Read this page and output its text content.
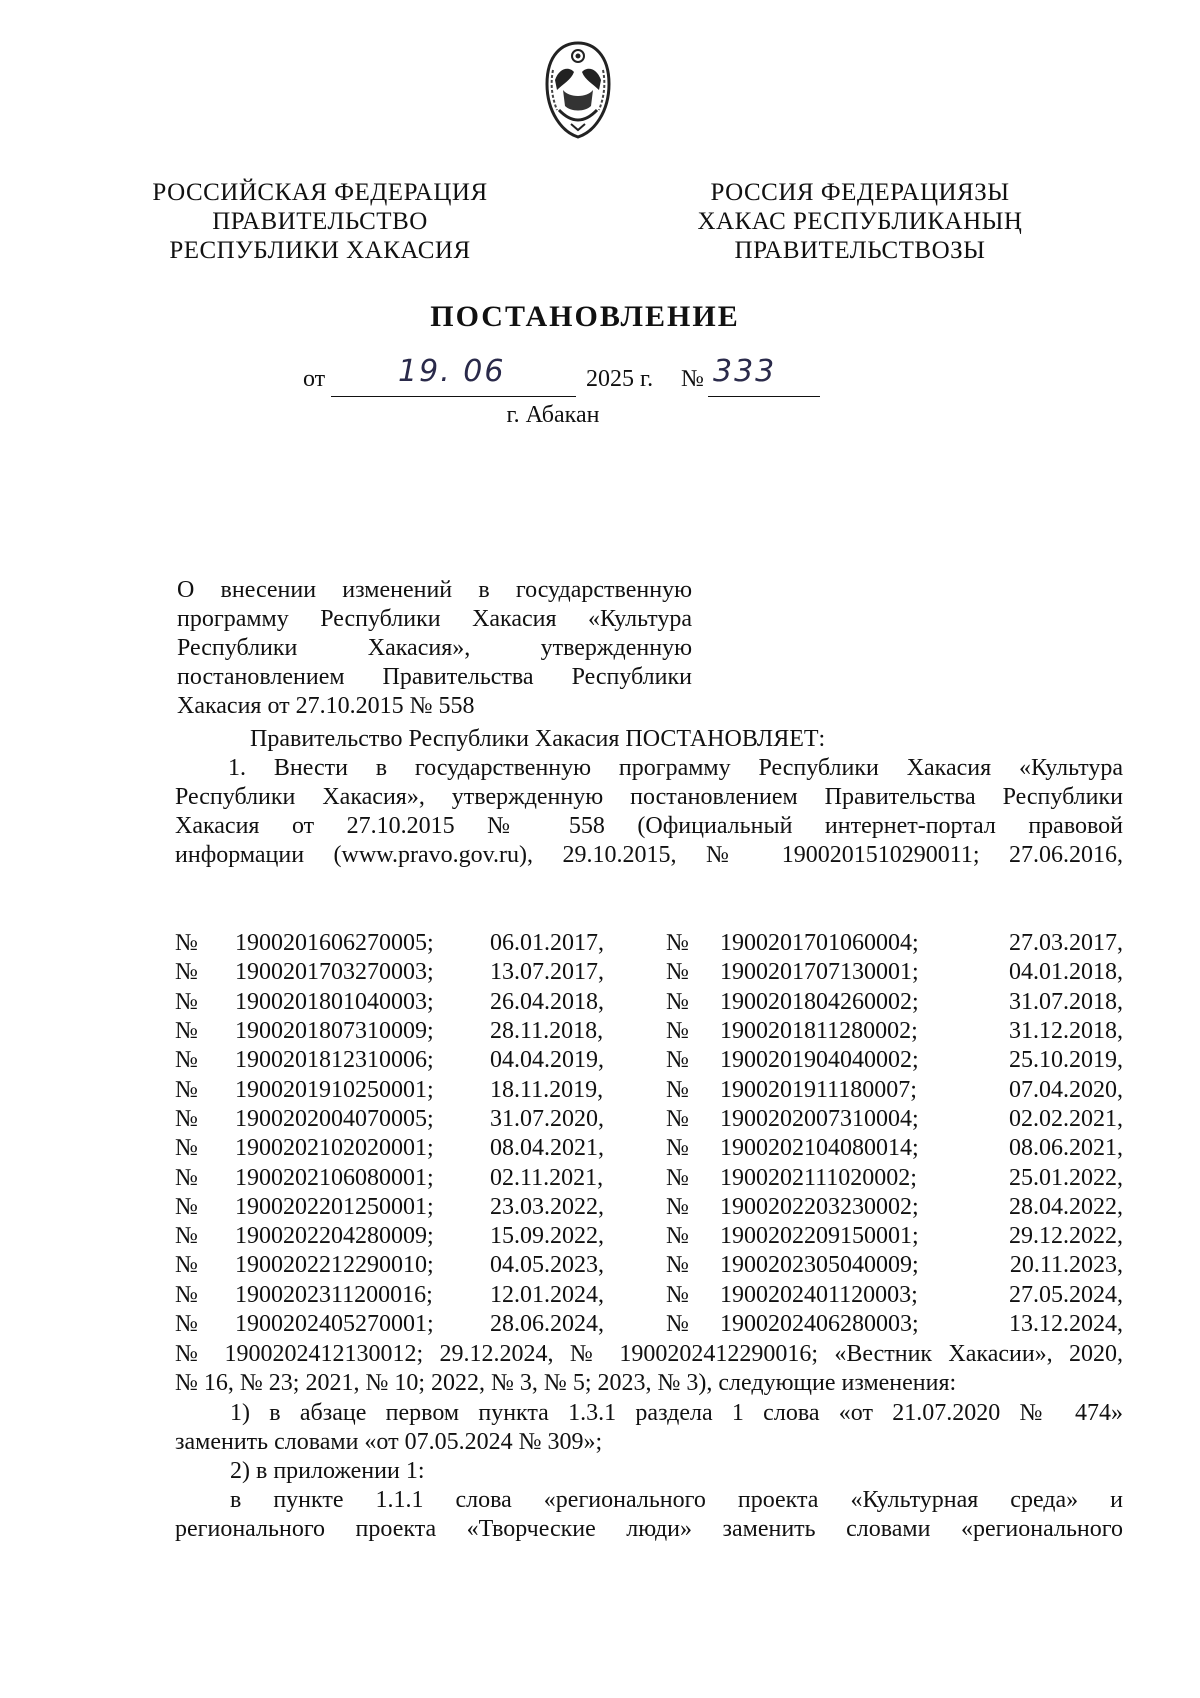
РОССИЙСКАЯ ФЕДЕРАЦИЯ
ПРАВИТЕЛЬСТВО
РЕСПУБЛИКИ ХАКАСИЯ
РОССИЯ ФЕДЕРАЦИЯЗЫ
ХАКАС РЕСПУБЛИКАНЫҢ
ПРАВИТЕЛЬСТВОЗЫ
ПОСТАНОВЛЕНИЕ
от 19. 06	2025 г. № 333
г. Абакан
О внесении изменений в государственную
программу Республики Хакасия «Культура
Республики Хакасия», утвержденную
постановлением Правительства Республики
Хакасия от 27.10.2015 № 558
Правительство Республики Хакасия ПОСТАНОВЛЯЕТ:
1. Внести в государственную программу Республики Хакасия «Культура
Республики Хакасия», утвержденную постановлением Правительства Республики
Хакасия от 27.10.2015 № 558 (Официальный интернет-портал правовой
информации (www.pravo.gov.ru), 29.10.2015, № 1900201510290011; 27.06.2016,
№	1900201606270005;	06.01.2017,	№	1900201701060004;	27.03.2017,
№	1900201703270003;	13.07.2017,	№	1900201707130001;	04.01.2018,
№	1900201801040003;	26.04.2018,	№	1900201804260002;	31.07.2018,
№	1900201807310009;	28.11.2018,	№	1900201811280002;	31.12.2018,
№	1900201812310006;	04.04.2019,	№	1900201904040002;	25.10.2019,
№	1900201910250001;	18.11.2019,	№	1900201911180007;	07.04.2020,
№	1900202004070005;	31.07.2020,	№	1900202007310004;	02.02.2021,
№	1900202102020001;	08.04.2021,	№	1900202104080014;	08.06.2021,
№	1900202106080001;	02.11.2021,	№	1900202111020002;	25.01.2022,
№	1900202201250001;	23.03.2022,	№	1900202203230002;	28.04.2022,
№	1900202204280009;	15.09.2022,	№	1900202209150001;	29.12.2022,
№	1900202212290010;	04.05.2023,	№	1900202305040009;	20.11.2023,
№	1900202311200016;	12.01.2024,	№	1900202401120003;	27.05.2024,
№	1900202405270001;	28.06.2024,	№	1900202406280003;	13.12.2024,
№ 1900202412130012; 29.12.2024, № 1900202412290016; «Вестник Хакасии», 2020,
№ 16, № 23; 2021, № 10; 2022, № 3, № 5; 2023, № 3), следующие изменения:
1) в абзаце первом пункта 1.3.1 раздела 1 слова «от 21.07.2020 № 474»
заменить словами «от 07.05.2024 № 309»;
2) в приложении 1:
в пункте 1.1.1 слова «регионального проекта «Культурная среда» и
регионального проекта «Творческие люди» заменить словами «регионального
